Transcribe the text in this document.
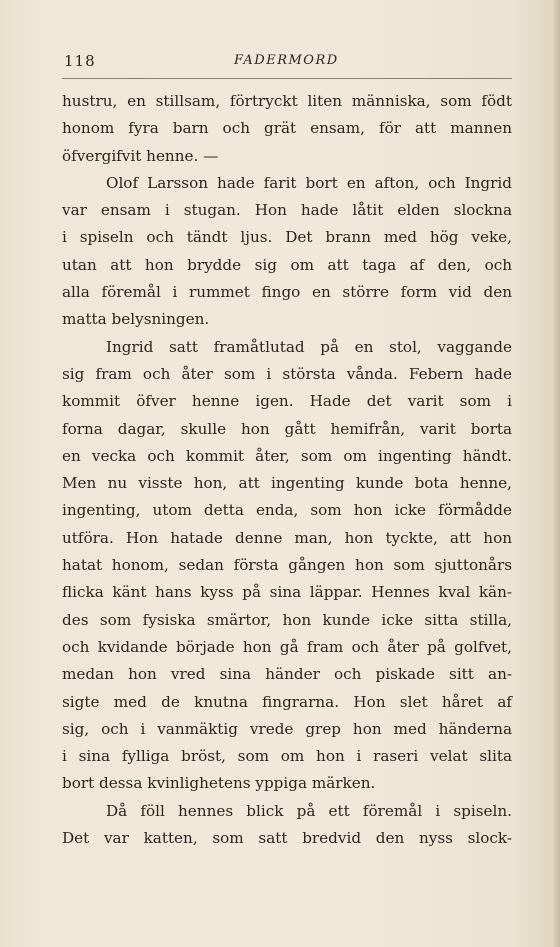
118	FADERMORD

hustru, en stillsam, förtryckt liten människa, som födt
honom fyra barn och grät ensam, för att mannen
öfvergifvit henne. —

Olof Larsson hade farit bort en afton, och Ingrid
var ensam i stugan. Hon hade låtit elden slockna
i spiseln och tändt ljus. Det brann med hög veke,
utan att hon brydde sig om att taga af den, och
alla föremål i rummet fingo en större form vid den
matta belysningen.

Ingrid satt framåtlutad på en stol, vaggande
sig fram och åter som i största vånda. Febern hade
kommit öfver henne igen. Hade det varit som i
forna dagar, skulle hon gått hemifrån, varit borta
en vecka och kommit åter, som om ingenting händt.
Men nu visste hon, att ingenting kunde bota henne,
ingenting, utom detta enda, som hon icke förmådde
utföra. Hon hatade denne man, hon tyckte, att hon
hatat honom, sedan första gången hon som sjuttonårs
flicka känt hans kyss på sina läppar. Hennes kval kän-
des som fysiska smärtor, hon kunde icke sitta stilla,
och kvidande började hon gå fram och åter på golfvet,
medan hon vred sina händer och piskade sitt an-
sigte med de knutna fingrarna. Hon slet håret af
sig, och i vanmäktig vrede grep hon med händerna
i sina fylliga bröst, som om hon i raseri velat slita
bort dessa kvinlighetens yppiga märken.

Då föll hennes blick på ett föremål i spiseln.
Det var katten, som satt bredvid den nyss slock-
